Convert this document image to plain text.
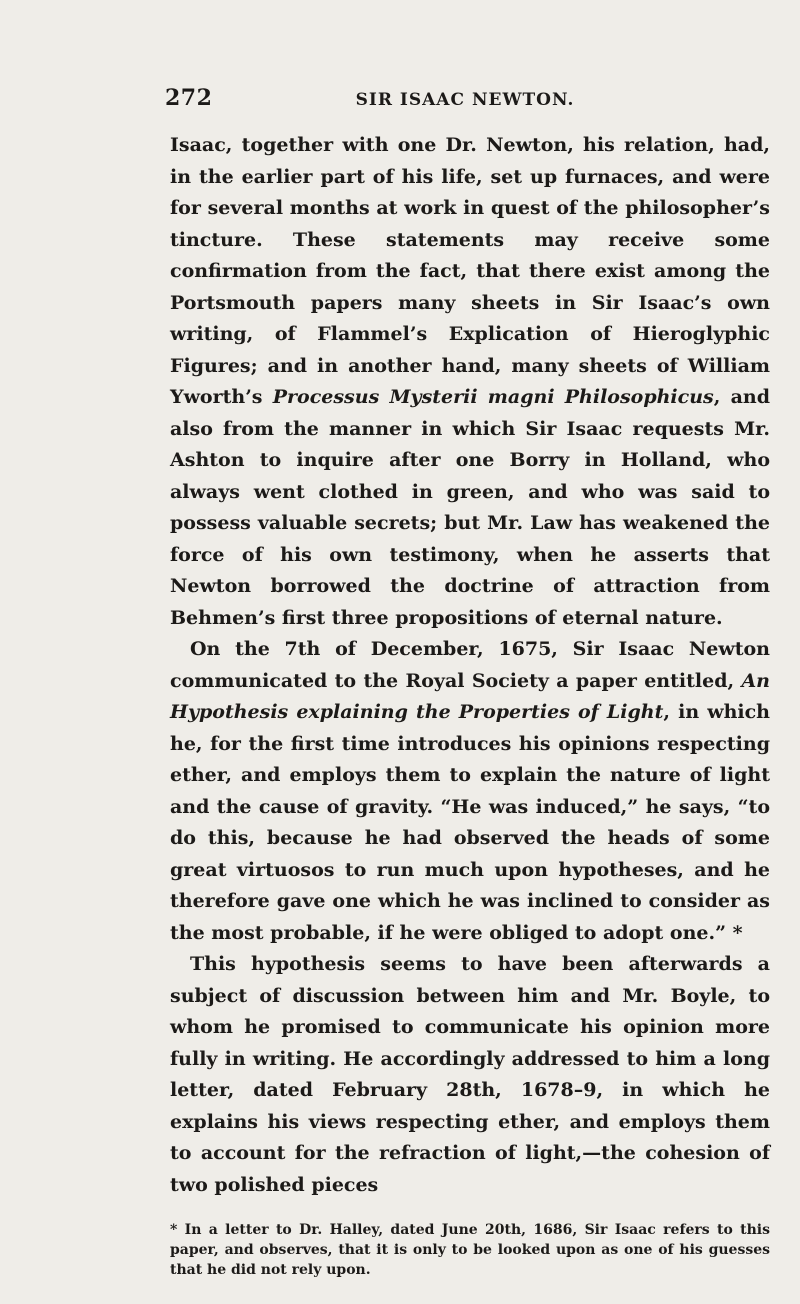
272	SIR ISAAC NEWTON.

Isaac, together with one Dr. Newton, his relation, had, in the earlier part of his life, set up furnaces, and were for several months at work in quest of the philosopher’s tincture. These statements may receive some confirmation from the fact, that there exist among the Portsmouth papers many sheets in Sir Isaac’s own writing, of Flammel’s Explication of Hieroglyphic Figures; and in another hand, many sheets of William Yworth’s Processus Mysterii magni Philosophicus, and also from the manner in which Sir Isaac requests Mr. Ashton to inquire after one Borry in Holland, who always went clothed in green, and who was said to possess valuable secrets; but Mr. Law has weakened the force of his own testimony, when he asserts that Newton borrowed the doctrine of attraction from Behmen’s first three propositions of eternal nature.

On the 7th of December, 1675, Sir Isaac Newton communicated to the Royal Society a paper entitled, An Hypothesis explaining the Properties of Light, in which he, for the first time introduces his opinions respecting ether, and employs them to explain the nature of light and the cause of gravity. “He was induced,” he says, “to do this, because he had observed the heads of some great virtuosos to run much upon hypotheses, and he therefore gave one which he was inclined to consider as the most probable, if he were obliged to adopt one.” *

This hypothesis seems to have been afterwards a subject of discussion between him and Mr. Boyle, to whom he promised to communicate his opinion more fully in writing. He accordingly addressed to him a long letter, dated February 28th, 1678–9, in which he explains his views respecting ether, and employs them to account for the refraction of light,—the cohesion of two polished pieces

* In a letter to Dr. Halley, dated June 20th, 1686, Sir Isaac refers to this paper, and observes, that it is only to be looked upon as one of his guesses that he did not rely upon.
